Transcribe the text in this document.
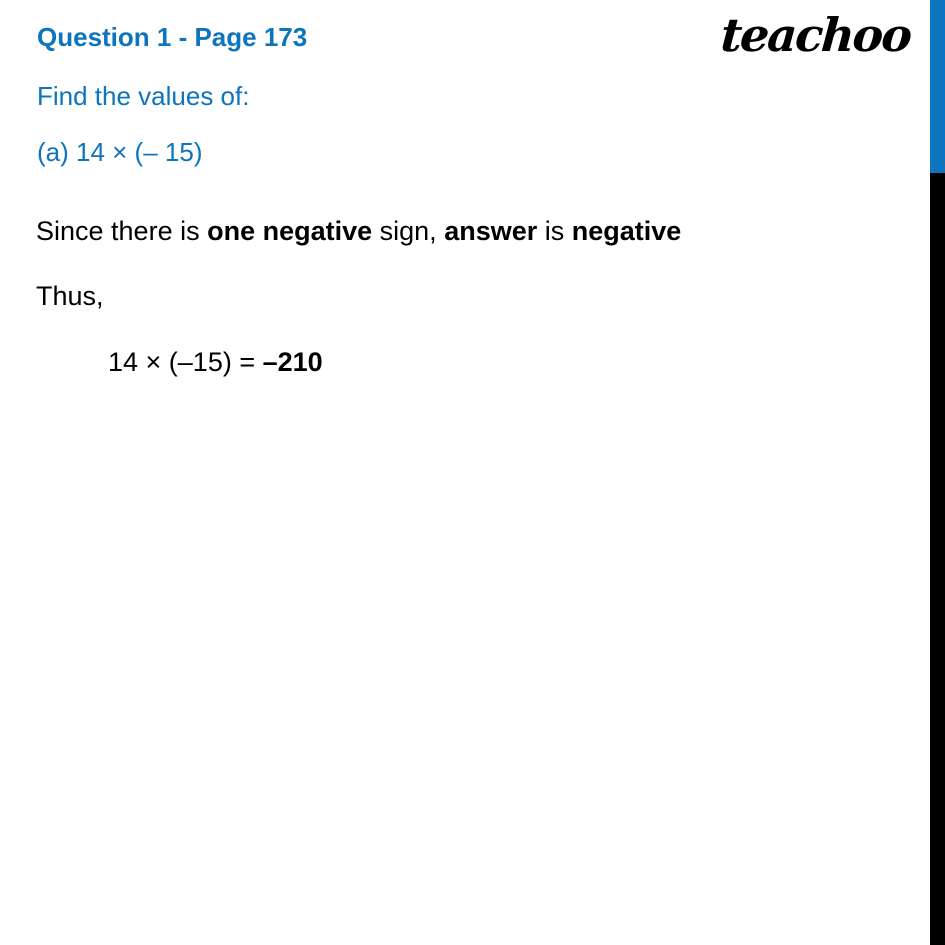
teachoo
Question 1 - Page 173
Find the values of:
(a) 14 × (– 15)
Since there is one negative sign, answer is negative
Thus,
14 × (–15) = –210
